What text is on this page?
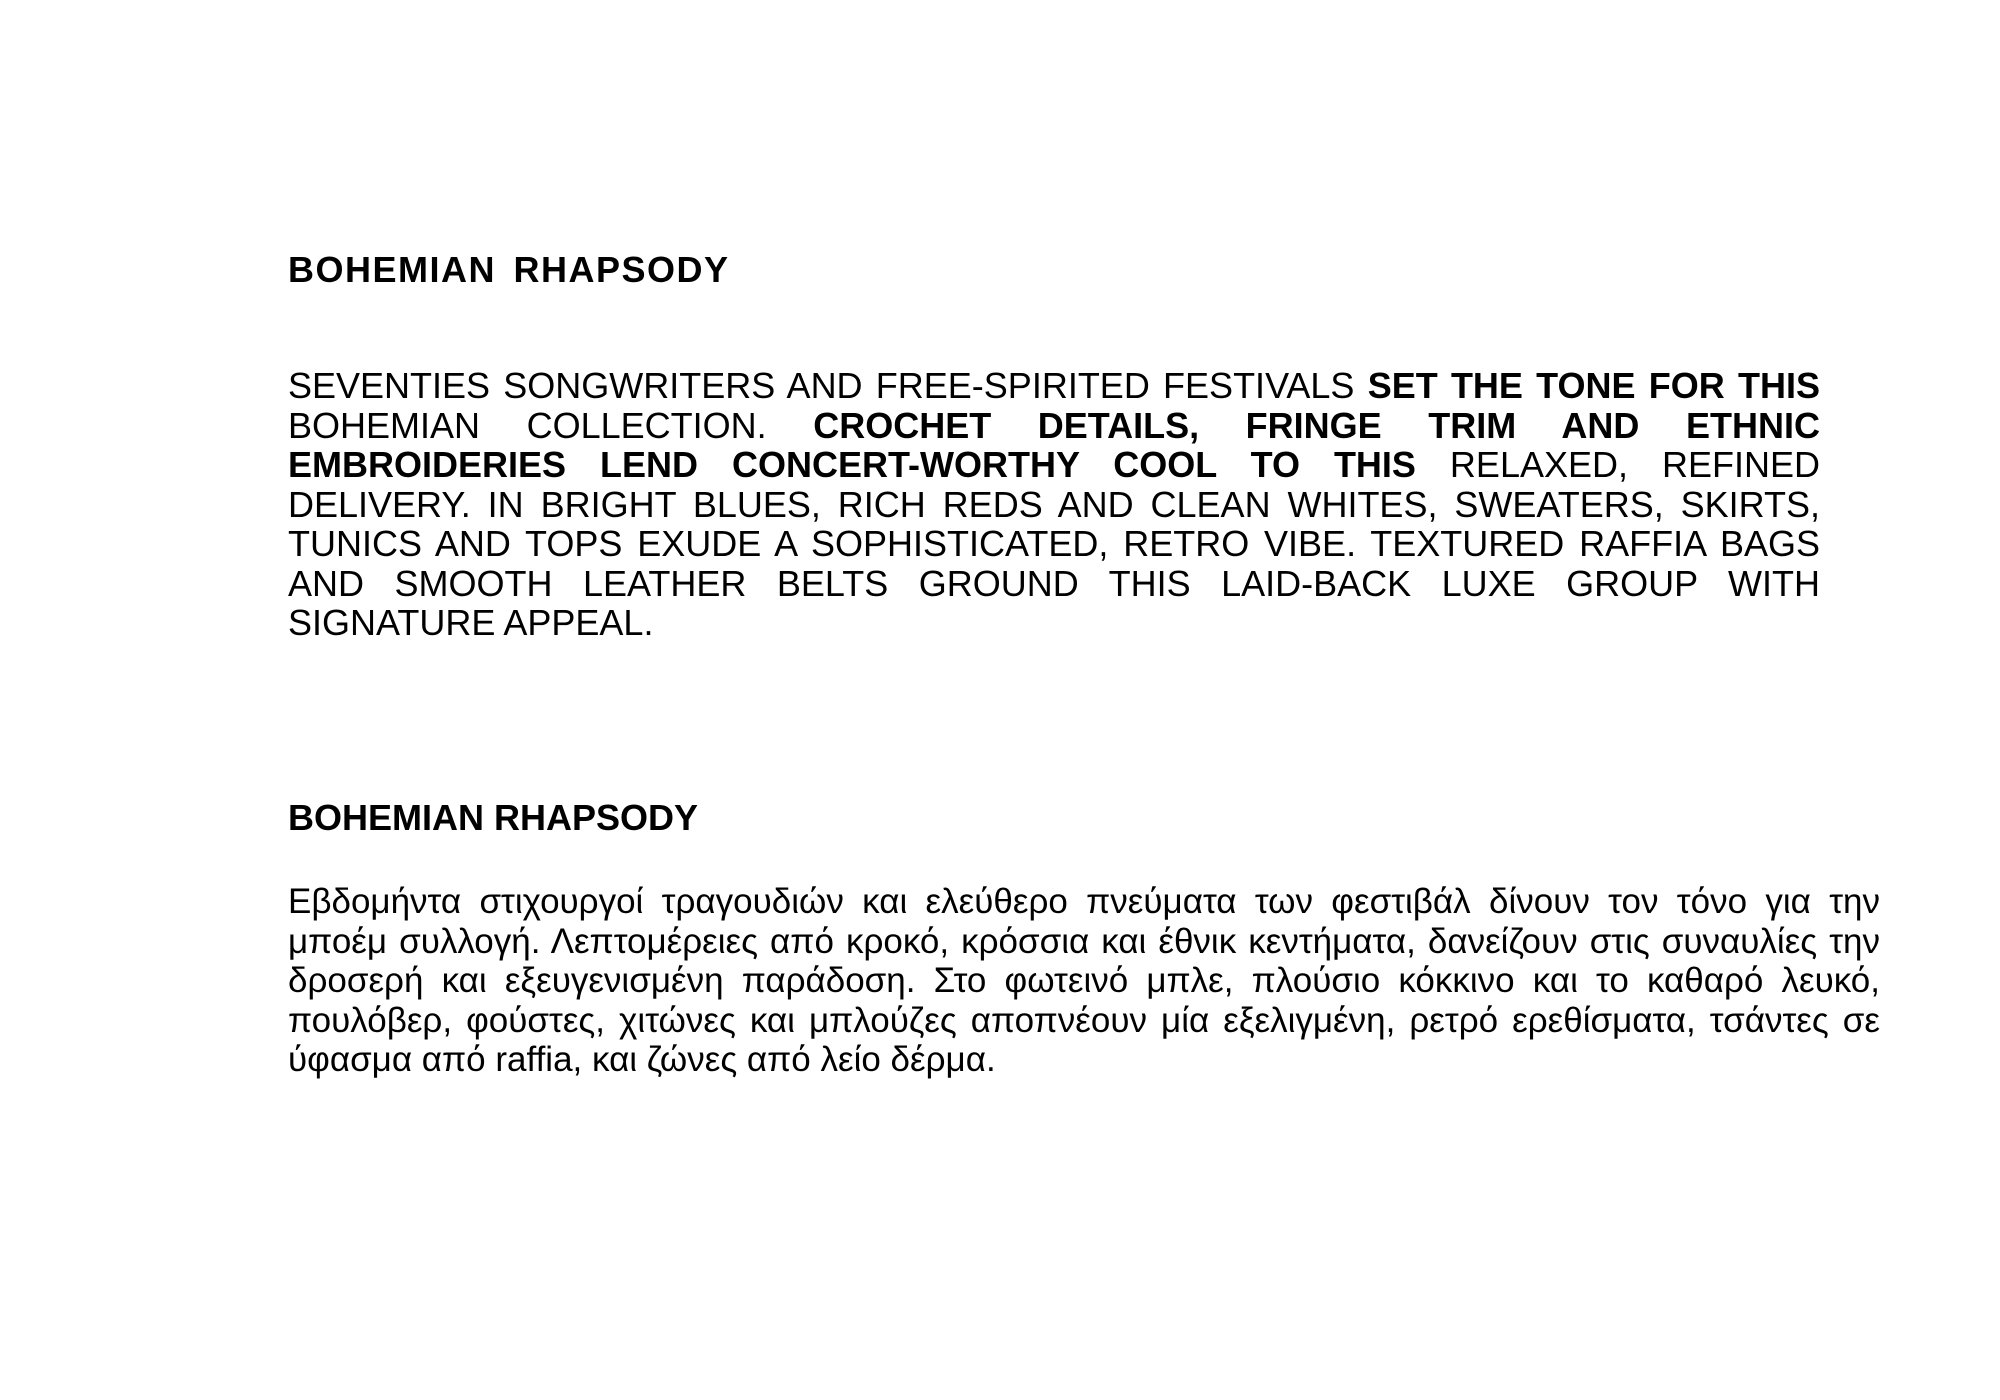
BOHEMIAN RHAPSODY

SEVENTIES SONGWRITERS AND FREE-SPIRITED FESTIVALS SET THE TONE FOR THIS BOHEMIAN COLLECTION. CROCHET DETAILS, FRINGE TRIM AND ETHNIC EMBROIDERIES LEND CONCERT-WORTHY COOL TO THIS RELAXED, REFINED DELIVERY. IN BRIGHT BLUES, RICH REDS AND CLEAN WHITES, SWEATERS, SKIRTS, TUNICS AND TOPS EXUDE A SOPHISTICATED, RETRO VIBE. TEXTURED RAFFIA BAGS AND SMOOTH LEATHER BELTS GROUND THIS LAID-BACK LUXE GROUP WITH SIGNATURE APPEAL.

BOHEMIAN RHAPSODY

Εβδομήντα στιχουργοί τραγουδιών και ελεύθερο πνεύματα των φεστιβάλ δίνουν τον τόνο για την μποέμ συλλογή. Λεπτομέρειες από κροκό, κρόσσια και έθνικ κεντήματα, δανείζουν στις συναυλίες την δροσερή και εξευγενισμένη παράδοση. Στο φωτεινό μπλε, πλούσιο κόκκινο και το καθαρό λευκό, πουλόβερ, φούστες, χιτώνες και μπλούζες αποπνέουν μία εξελιγμένη, ρετρό ερεθίσματα, τσάντες σε ύφασμα από raffia, και ζώνες από λείο δέρμα.
